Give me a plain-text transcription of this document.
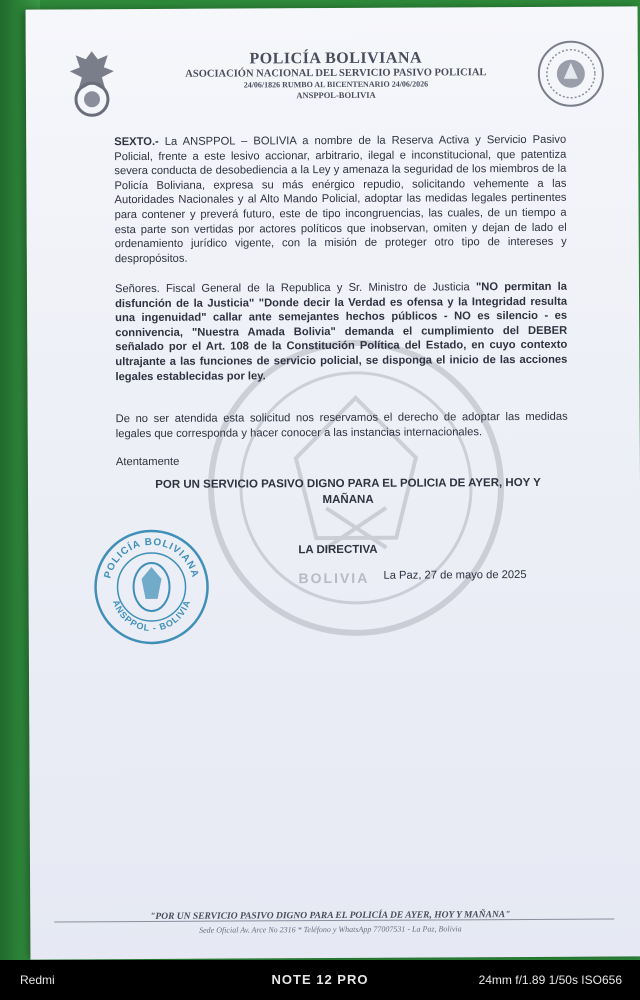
POLICÍA BOLIVIANA
ASOCIACIÓN NACIONAL DEL SERVICIO PASIVO POLICIAL
24/06/1826 RUMBO AL BICENTENARIO 24/06/2026
ANSPPOL-BOLIVIA
BOLIVIA
SEXTO.- La ANSPPOL – BOLIVIA a nombre de la Reserva Activa y Servicio Pasivo Policial, frente a este lesivo accionar, arbitrario, ilegal e inconstitucional, que patentiza severa conducta de desobediencia a la Ley y amenaza la seguridad de los miembros de la Policía Boliviana, expresa su más enérgico repudio, solicitando vehemente a las Autoridades Nacionales y al Alto Mando Policial, adoptar las medidas legales pertinentes para contener y preverá futuro, este de tipo incongruencias, las cuales, de un tiempo a esta parte son vertidas por actores políticos que inobservan, omiten y dejan de lado el ordenamiento jurídico vigente, con la misión de proteger otro tipo de intereses y despropósitos.
Señores. Fiscal General de la Republica y Sr. Ministro de Justicia "NO permitan la disfunción de la Justicia" "Donde decir la Verdad es ofensa y la Integridad resulta una ingenuidad" callar ante semejantes hechos públicos - NO es silencio - es connivencia, "Nuestra Amada Bolivia" demanda el cumplimiento del DEBER señalado por el Art. 108 de la Constitución Política del Estado, en cuyo contexto ultrajante a las funciones de servicio policial, se disponga el inicio de las acciones legales establecidas por ley.
De no ser atendida esta solicitud nos reservamos el derecho de adoptar las medidas legales que corresponda y hacer conocer a las instancias internacionales.
Atentamente
POR UN SERVICIO PASIVO DIGNO PARA EL POLICIA DE AYER, HOY Y MAÑANA
POLICÍA BOLIVIANA
ANSPPOL - BOLIVIA
LA DIRECTIVA
La Paz, 27 de mayo de 2025
"POR UN SERVICIO PASIVO DIGNO PARA EL POLICÍA DE AYER, HOY Y MAÑANA"
Sede Oficial Av. Arce No 2316 * Teléfono y WhatsApp 77007531 - La Paz, Bolivia
Redmi	NOTE 12 PRO	24mm f/1.89 1/50s ISO656
